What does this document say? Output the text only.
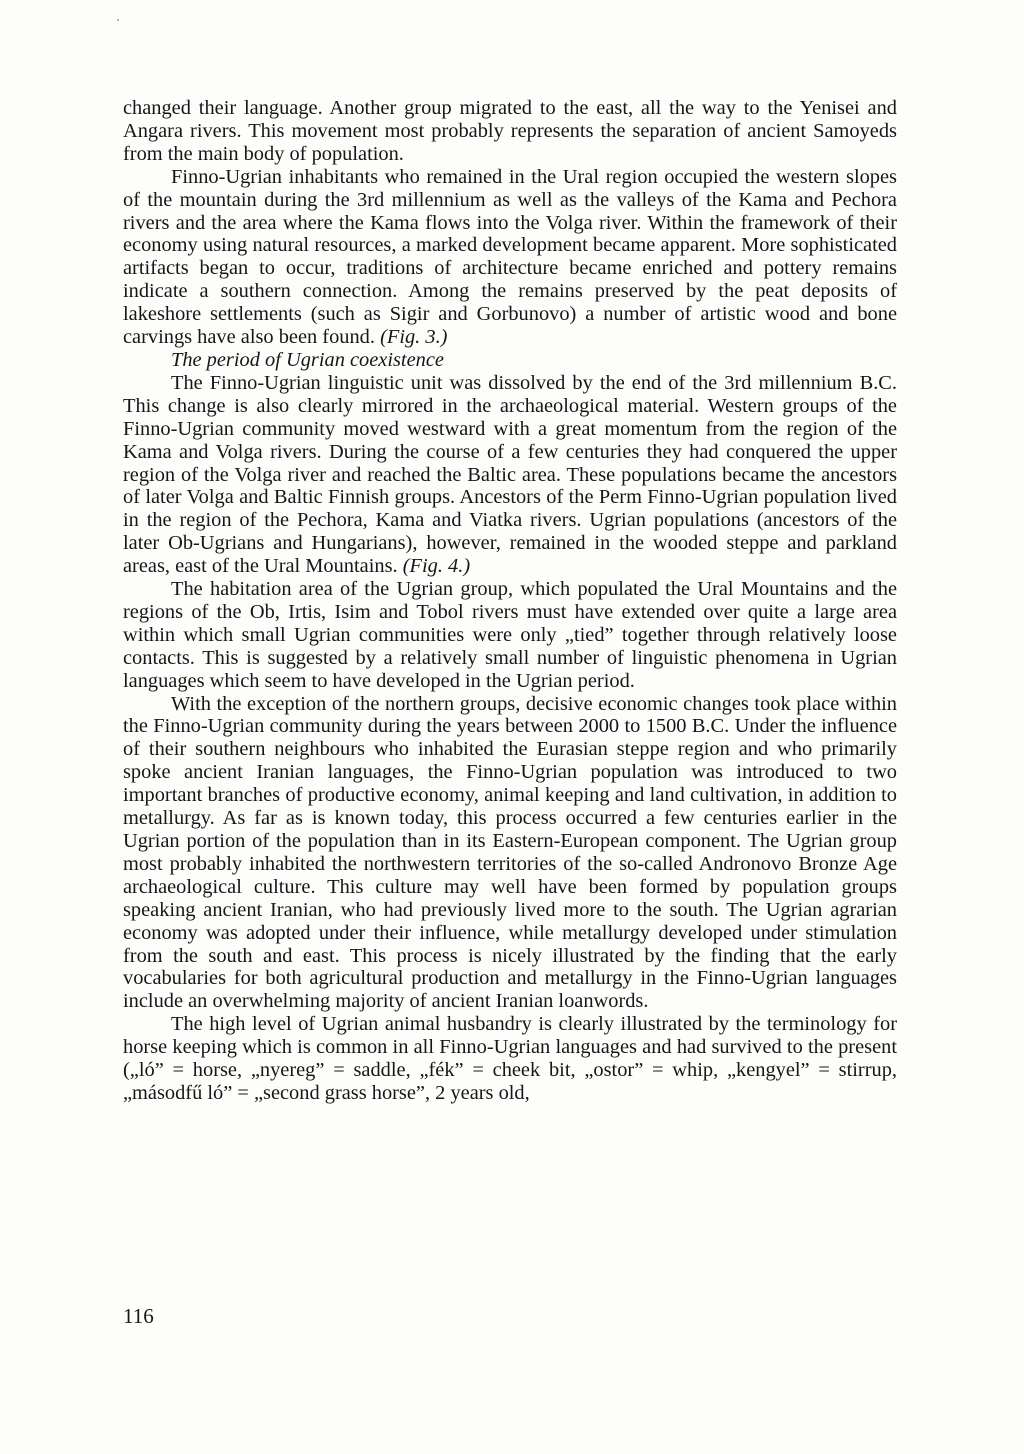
changed their language. Another group migrated to the east, all the way to the Yenisei and Angara rivers. This movement most probably represents the separation of ancient Samoyeds from the main body of population.

Finno-Ugrian inhabitants who remained in the Ural region occupied the western slopes of the mountain during the 3rd millennium as well as the valleys of the Kama and Pechora rivers and the area where the Kama flows into the Volga river. Within the framework of their economy using natural resources, a marked development became apparent. More sophisticated artifacts began to occur, traditions of architecture became enriched and pottery remains indicate a southern connection. Among the remains preserved by the peat deposits of lakeshore settlements (such as Sigir and Gorbunovo) a number of artistic wood and bone carvings have also been found. (Fig. 3.)

The period of Ugrian coexistence

The Finno-Ugrian linguistic unit was dissolved by the end of the 3rd millennium B.C. This change is also clearly mirrored in the archaeological material. Western groups of the Finno-Ugrian community moved westward with a great momentum from the region of the Kama and Volga rivers. During the course of a few centuries they had conquered the upper region of the Volga river and reached the Baltic area. These populations became the ancestors of later Volga and Baltic Finnish groups. Ancestors of the Perm Finno-Ugrian population lived in the region of the Pechora, Kama and Viatka rivers. Ugrian populations (ancestors of the later Ob-Ugrians and Hungarians), however, remained in the wooded steppe and parkland areas, east of the Ural Mountains. (Fig. 4.)

The habitation area of the Ugrian group, which populated the Ural Mountains and the regions of the Ob, Irtis, Isim and Tobol rivers must have extended over quite a large area within which small Ugrian communities were only „tied” together through relatively loose contacts. This is suggested by a relatively small number of linguistic phenomena in Ugrian languages which seem to have developed in the Ugrian period.

With the exception of the northern groups, decisive economic changes took place within the Finno-Ugrian community during the years between 2000 to 1500 B.C. Under the influence of their southern neighbours who inhabited the Eurasian steppe region and who primarily spoke ancient Iranian languages, the Finno-Ugrian population was introduced to two important branches of productive economy, animal keeping and land cultivation, in addition to metallurgy. As far as is known today, this process occurred a few centuries earlier in the Ugrian portion of the population than in its Eastern-European component. The Ugrian group most probably inhabited the northwestern territories of the so-called Andronovo Bronze Age archaeological culture. This culture may well have been formed by population groups speaking ancient Iranian, who had previously lived more to the south. The Ugrian agrarian economy was adopted under their influence, while metallurgy developed under stimulation from the south and east. This process is nicely illustrated by the finding that the early vocabularies for both agricultural production and metallurgy in the Finno-Ugrian languages include an overwhelming majority of ancient Iranian loanwords.

The high level of Ugrian animal husbandry is clearly illustrated by the terminology for horse keeping which is common in all Finno-Ugrian languages and had survived to the present („ló” = horse, „nyereg” = saddle, „fék” = cheek bit, „ostor” = whip, „kengyel” = stirrup, „másodfű ló” = „second grass horse”, 2 years old,

116
